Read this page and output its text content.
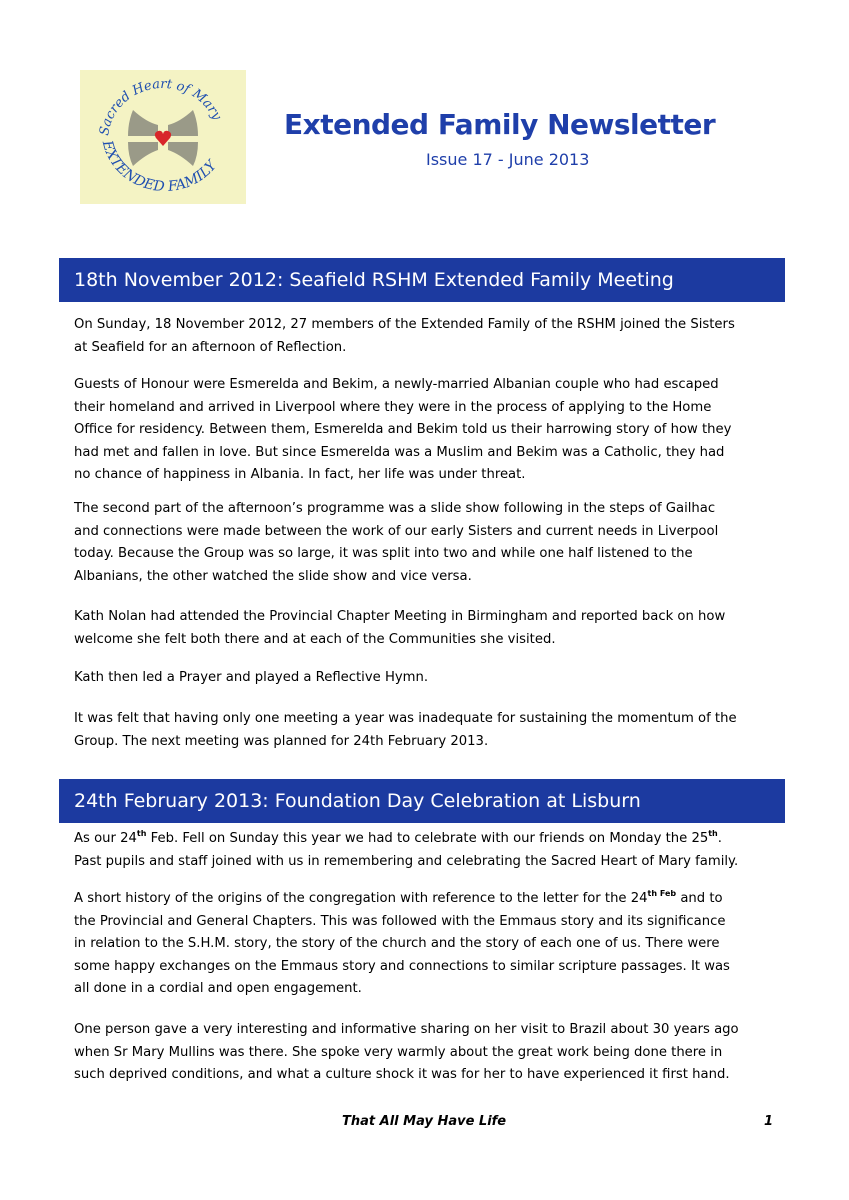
Sacred Heart of Mary
EXTENDED FAMILY
Extended Family Newsletter
Issue 17 - June 2013
18th November 2012: Seafield RSHM Extended Family Meeting
On Sunday, 18 November 2012, 27 members of the Extended Family of the RSHM joined the Sisters
at Seafield for an afternoon of Reflection.
Guests of Honour were Esmerelda and Bekim, a newly-married Albanian couple who had escaped
their homeland and arrived in Liverpool where they were in the process of applying to the Home
Office for residency. Between them, Esmerelda and Bekim told us their harrowing story of how they
had met and fallen in love. But since Esmerelda was a Muslim and Bekim was a Catholic, they had
no chance of happiness in Albania. In fact, her life was under threat.
The second part of the afternoon’s programme was a slide show following in the steps of Gailhac
and connections were made between the work of our early Sisters and current needs in Liverpool
today. Because the Group was so large, it was split into two and while one half listened to the
Albanians, the other watched the slide show and vice versa.
Kath Nolan had attended the Provincial Chapter Meeting in Birmingham and reported back on how
welcome she felt both there and at each of the Communities she visited.
Kath then led a Prayer and played a Reflective Hymn.
It was felt that having only one meeting a year was inadequate for sustaining the momentum of the
Group. The next meeting was planned for 24th February 2013.
24th February 2013: Foundation Day Celebration at Lisburn
As our 24th Feb. Fell on Sunday this year we had to celebrate with our friends on Monday the 25th.
Past pupils and staff joined with us in remembering and celebrating the Sacred Heart of Mary family.
A short history of the origins of the congregation with reference to the letter for the $24^{th Feb}$ and to
the Provincial and General Chapters. This was followed with the Emmaus story and its significance
in relation to the S.H.M. story, the story of the church and the story of each one of us. There were
some happy exchanges on the Emmaus story and connections to similar scripture passages. It was
all done in a cordial and open engagement.
One person gave a very interesting and informative sharing on her visit to Brazil about 30 years ago
when Sr Mary Mullins was there. She spoke very warmly about the great work being done there in
such deprived conditions, and what a culture shock it was for her to have experienced it first hand.
That All May Have Life	1
